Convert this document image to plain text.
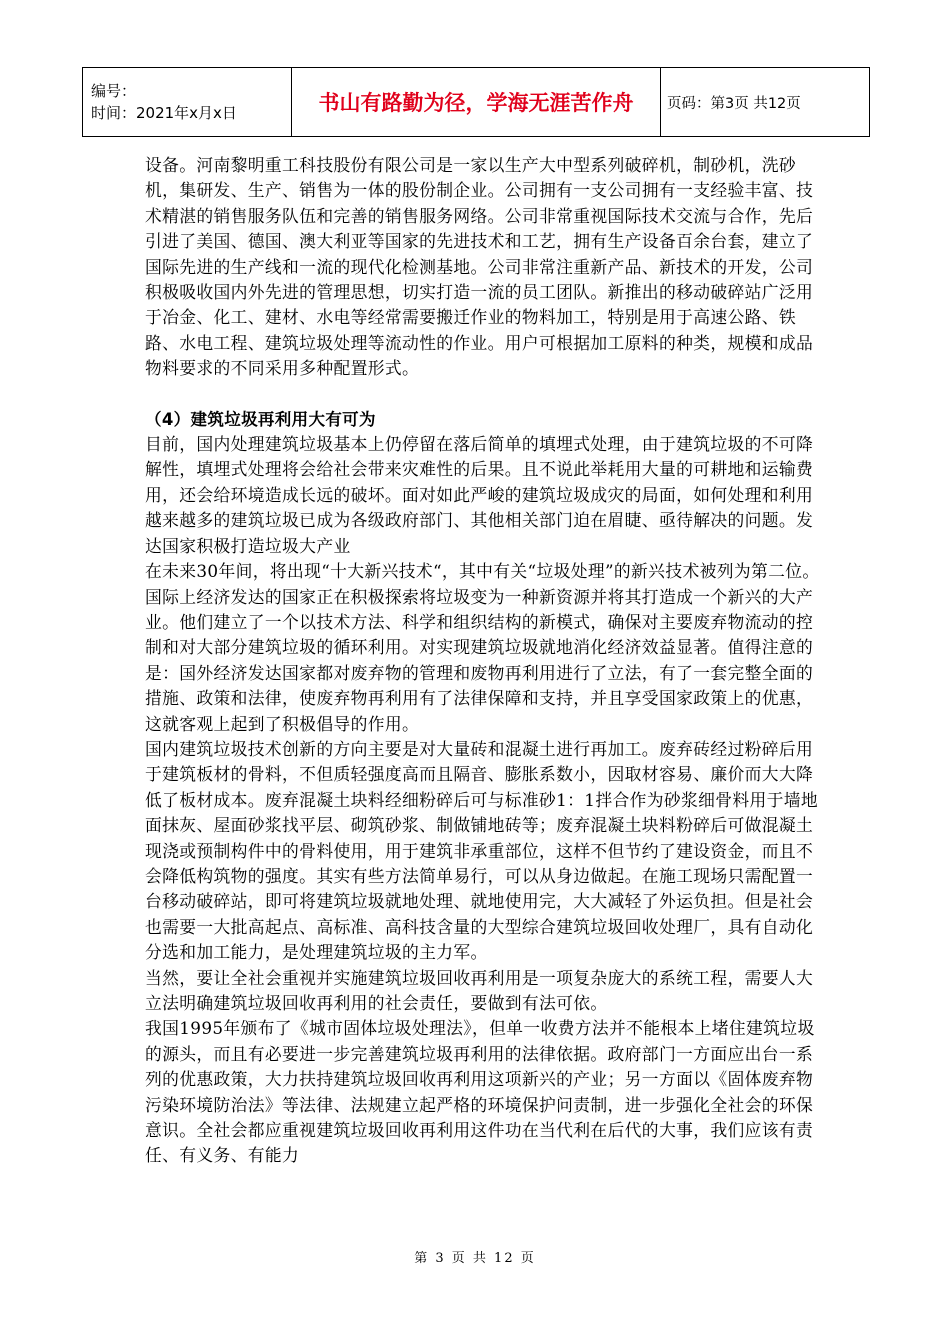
编号：
时间：2021年x月x日	书山有路勤为径，学海无涯苦作舟	页码：第3页 共12页

设备。河南黎明重工科技股份有限公司是一家以生产大中型系列破碎机，制砂机，洗砂机，集研发、生产、销售为一体的股份制企业。公司拥有一支公司拥有一支经验丰富、技术精湛的销售服务队伍和完善的销售服务网络。公司非常重视国际技术交流与合作，先后引进了美国、德国、澳大利亚等国家的先进技术和工艺，拥有生产设备百余台套，建立了国际先进的生产线和一流的现代化检测基地。公司非常注重新产品、新技术的开发，公司积极吸收国内外先进的管理思想，切实打造一流的员工团队。新推出的移动破碎站广泛用于冶金、化工、建材、水电等经常需要搬迁作业的物料加工，特别是用于高速公路、铁路、水电工程、建筑垃圾处理等流动性的作业。用户可根据加工原料的种类，规模和成品物料要求的不同采用多种配置形式。

（4）建筑垃圾再利用大有可为

目前，国内处理建筑垃圾基本上仍停留在落后简单的填埋式处理，由于建筑垃圾的不可降解性，填埋式处理将会给社会带来灾难性的后果。且不说此举耗用大量的可耕地和运输费用，还会给环境造成长远的破坏。面对如此严峻的建筑垃圾成灾的局面，如何处理和利用越来越多的建筑垃圾已成为各级政府部门、其他相关部门迫在眉睫、亟待解决的问题。发达国家积极打造垃圾大产业

在未来30年间，将出现“十大新兴技术“，其中有关“垃圾处理”的新兴技术被列为第二位。国际上经济发达的国家正在积极探索将垃圾变为一种新资源并将其打造成一个新兴的大产业。他们建立了一个以技术方法、科学和组织结构的新模式，确保对主要废弃物流动的控制和对大部分建筑垃圾的循环利用。对实现建筑垃圾就地消化经济效益显著。值得注意的是：国外经济发达国家都对废弃物的管理和废物再利用进行了立法，有了一套完整全面的措施、政策和法律，使废弃物再利用有了法律保障和支持，并且享受国家政策上的优惠，这就客观上起到了积极倡导的作用。

国内建筑垃圾技术创新的方向主要是对大量砖和混凝土进行再加工。废弃砖经过粉碎后用于建筑板材的骨料，不但质轻强度高而且隔音、膨胀系数小，因取材容易、廉价而大大降低了板材成本。废弃混凝土块料经细粉碎后可与标准砂1：1拌合作为砂浆细骨料用于墙地面抹灰、屋面砂浆找平层、砌筑砂浆、制做铺地砖等；废弃混凝土块料粉碎后可做混凝土现浇或预制构件中的骨料使用，用于建筑非承重部位，这样不但节约了建设资金，而且不会降低构筑物的强度。其实有些方法简单易行，可以从身边做起。在施工现场只需配置一台移动破碎站，即可将建筑垃圾就地处理、就地使用完，大大减轻了外运负担。但是社会也需要一大批高起点、高标准、高科技含量的大型综合建筑垃圾回收处理厂，具有自动化分选和加工能力，是处理建筑垃圾的主力军。

当然，要让全社会重视并实施建筑垃圾回收再利用是一项复杂庞大的系统工程，需要人大立法明确建筑垃圾回收再利用的社会责任，要做到有法可依。

我国1995年颁布了《城市固体垃圾处理法》，但单一收费方法并不能根本上堵住建筑垃圾的源头，而且有必要进一步完善建筑垃圾再利用的法律依据。政府部门一方面应出台一系列的优惠政策，大力扶持建筑垃圾回收再利用这项新兴的产业；另一方面以《固体废弃物污染环境防治法》等法律、法规建立起严格的环境保护问责制，进一步强化全社会的环保意识。全社会都应重视建筑垃圾回收再利用这件功在当代利在后代的大事，我们应该有责任、有义务、有能力

第 3 页 共 12 页
